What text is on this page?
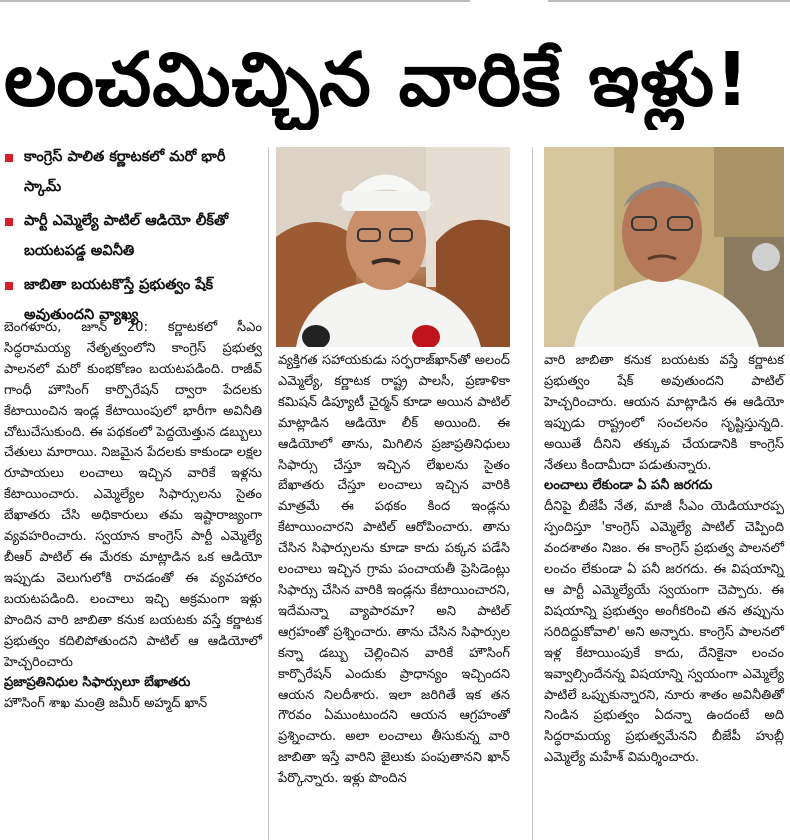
లంచమిచ్చిన వారికే ఇళ్లు!
కాంగ్రెస్ పాలిత కర్ణాటకలో మరో భారీ స్కామ్
పార్టీ ఎమ్మెల్యే పాటిల్ ఆడియో లీక్‌తో బయటపడ్డ అవినీతి
జాబితా బయటకొస్తే ప్రభుత్వం షేక్ అవుతుందని వ్యాఖ్య

బెంగళూరు, జూన్ 20: కర్ణాటకలో సీఎం సిద్ధరామయ్య నేతృత్వంలోని కాంగ్రెస్ ప్రభుత్వ పాలనలో మరో కుంభకోణం బయటపడింది. రాజీవ్ గాంధీ హౌసింగ్ కార్పొరేషన్ ద్వారా పేదలకు కేటాయించిన ఇండ్ల కేటాయింపులో భారీగా అవినీతి చోటుచేసుకుంది. ఈ పథకంలో పెద్దయెత్తున డబ్బులు చేతులు మారాయి. నిజమైన పేదలకు కాకుండా లక్షల రూపాయలు లంచాలు ఇచ్చిన వారికే ఇళ్లను కేటాయించారు. ఎమ్మెల్యేల సిఫార్సులను సైతం బేఖాతరు చేసి అధికారులు తమ ఇష్టారాజ్యంగా వ్యవహరించారు. స్వయాన కాంగ్రెస్ పార్టీ ఎమ్మెల్యే బీఆర్ పాటిల్ ఈ మేరకు మాట్లాడిన ఒక ఆడియో ఇప్పుడు వెలుగులోకి రావడంతో ఈ వ్యవహారం బయటపడింది. లంచాలు ఇచ్చి అక్రమంగా ఇళ్లు పొందిన వారి జాబితా కనుక బయటకు వస్తే కర్ణాటక ప్రభుత్వం కదిలిపోతుందని పాటిల్ ఆ ఆడియోలో హెచ్చరించారు

ప్రజాప్రతినిధుల సిఫార్సులూ బేఖాతరు

హౌసింగ్ శాఖ మంత్రి జమీర్ అహ్మద్ ఖాన్

వ్యక్తిగత సహాయకుడు సర్ఫరాజ్‌ఖాన్‌తో అలంద్ ఎమ్మెల్యే, కర్ణాటక రాష్ట్ర పాలసీ, ప్రణాళికా కమిషన్ డిప్యూటీ చైర్మన్ కూడా అయిన పాటిల్ మాట్లాడిన ఆడియో లీక్ అయింది. ఈ ఆడియోలో తాను, మిగిలిన ప్రజాప్రతినిధులు సిఫార్సు చేస్తూ ఇచ్చిన లేఖలను సైతం బేఖాతరు చేస్తూ లంచాలు ఇచ్చిన వారికి మాత్రమే ఈ పథకం కింద ఇండ్లను కేటాయించారని పాటిల్ ఆరోపించారు. తాను చేసిన సిఫార్సులను కూడా కాదు పక్కన పడేసి లంచాలు ఇచ్చిన గ్రామ పంచాయతీ ప్రెసిడెంట్లు సిఫార్సు చేసిన వారికి ఇండ్లను కేటాయించారని, ఇదేమన్నా వ్యాపారమా? అని పాటిల్ ఆగ్రహంతో ప్రశ్నించారు. తాను చేసిన సిఫార్సుల కన్నా డబ్బు చెల్లించిన వారికే హౌసింగ్ కార్పొరేషన్ ఎందుకు ప్రాధాన్యం ఇచ్చిందని ఆయన నిలదీశారు. ఇలా జరిగితే ఇక తన గౌరవం ఏముంటుందని ఆయన ఆగ్రహంతో ప్రశ్నించారు. అలా లంచాలు తీసుకున్న వారి జాబితా ఇస్తే వారిని జైలుకు పంపుతానని ఖాన్ పేర్కొన్నారు. ఇళ్లు పొందిన

వారి జాబితా కనుక బయటకు వస్తే కర్ణాటక ప్రభుత్వం షేక్ అవుతుందని పాటిల్ హెచ్చరించారు. ఆయన మాట్లాడిన ఈ ఆడియో ఇప్పుడు రాష్ట్రంలో సంచలనం సృష్టిస్తున్నది. అయితే దీనిని తక్కువ చేయడానికి కాంగ్రెస్ నేతలు కిందామీదా పడుతున్నారు.

లంచాలు లేకుండా ఏ పనీ జరగదు

దీనిపై బీజేపీ నేత, మాజీ సీఎం యెడియూరప్ప స్పందిస్తూ 'కాంగ్రెస్ ఎమ్మెల్యే పాటిల్ చెప్పింది వందశాతం నిజం. ఈ కాంగ్రెస్ ప్రభుత్వ పాలనలో లంచం లేకుండా ఏ పనీ జరగదు. ఈ విషయాన్ని ఆ పార్టీ ఎమ్మెల్యేయే స్వయంగా చెప్పారు. ఈ విషయాన్ని ప్రభుత్వం అంగీకరించి తన తప్పును సరిదిద్దుకోవాలి' అని అన్నారు. కాంగ్రెస్ పాలనలో ఇళ్ల కేటాయింపుకే కాదు, దేనికైనా లంచం ఇవ్వాల్సిందేనన్న విషయాన్ని స్వయంగా ఎమ్మెల్యే పాటిలే ఒప్పుకున్నారని, నూరు శాతం అవినీతితో నిండిన ప్రభుత్వం ఏదన్నా ఉందంటే అది సిద్ధరామయ్య ప్రభుత్వమేనని బీజేపీ హుబ్లీ ఎమ్మెల్యే మహేశ్ విమర్శించారు.
